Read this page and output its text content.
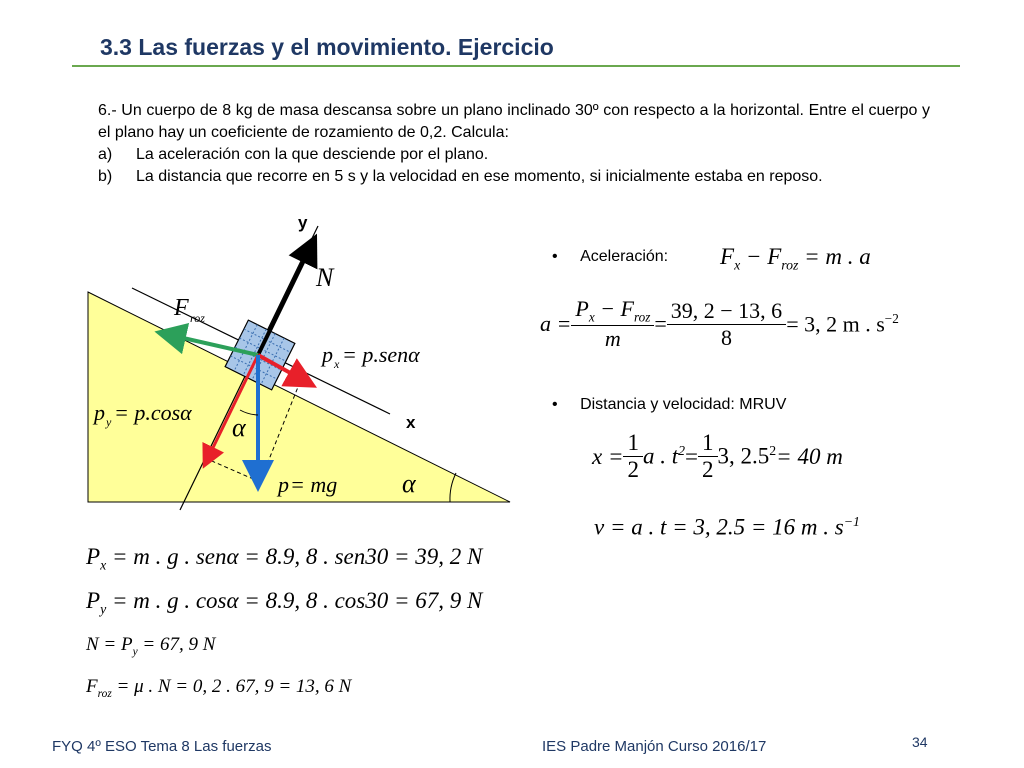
3.3 Las fuerzas y el movimiento. Ejercicio

6.- Un cuerpo de 8 kg de masa descansa sobre un plano inclinado 30º con respecto a la horizontal. Entre el cuerpo y el plano hay un coeficiente de rozamiento de 0,2. Calcula:

a)	La aceleración con la que desciende por el plano.
b)	La distancia que recorre en 5 s y la velocidad en ese momento, si inicialmente estaba en reposo.
y
x
N
F roz
p x = p.senα
p y = p.cosα
p = mg
α
α
• Aceleración: $F_x - F_{roz} = m$ . a
$a = \frac{P_x - F_{roz}}{m} = \frac{39, 2 - 13, 6}{8} = 3$, 2 m . $s^{-2}$
• Distancia y velocidad: MRUV
$x = \frac{1}{2}$ a . $t^2 = \frac{1}{2} 3$, $2.5^2 = 40$ m
v = a . t = 3, 2.5 = 16 m . $s^{-1}$
$P_x = m$ . g . senα = 8.9, 8 . sen30 = 39, 2 N
$P_y = m$ . g . cosα = 8.9, 8 . cos30 = 67, 9 N
$N = P_y = 67$, 9 N
$F_{roz} = \mu$ . N = 0, 2 . 67, 9 = 13, 6 N
FYQ 4º ESO Tema 8 Las fuerzas	IES Padre Manjón Curso 2016/17	34
